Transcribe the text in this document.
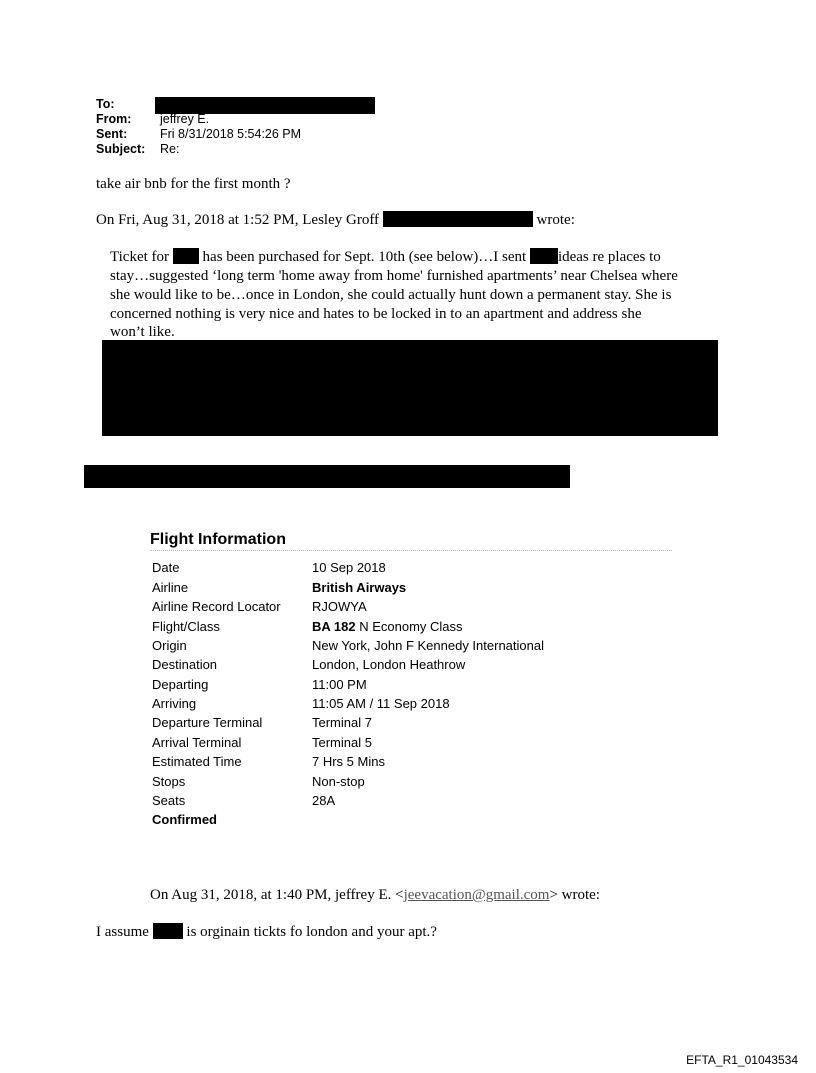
To:
From: jeffrey E.
Sent:	Fri 8/31/2018 5:54:26 PM
Subject: Re:
take air bnb for the first month ?
On Fri, Aug 31, 2018 at 1:52 PM, Lesley Groff	wrote:
Ticket for has been purchased for Sept. 10th (see below)…I sent ideas re places to
stay…suggested ‘long term 'home away from home' furnished apartments’ near Chelsea where
she would like to be…once in London, she could actually hunt down a permanent stay. She is
concerned nothing is very nice and hates to be locked in to an apartment and address she
won’t like.
Flight Information
Date	10 Sep 2018
Airline	British Airways
Airline Record Locator RJOWYA
Flight/Class	BA 182 N Economy Class
Origin	New York, John F Kennedy International
Destination	London, London Heathrow
Departing	11:00 PM
Arriving	11:05 AM / 11 Sep 2018
Departure Terminal	Terminal 7
Arrival Terminal	Terminal 5
Estimated Time	7 Hrs 5 Mins
Stops	Non-stop
Seats	28A
Confirmed
On Aug 31, 2018, at 1:40 PM, jeffrey E. <jeevacation@gmail.com> wrote:
I assume	is orginain tickts fo london and your apt.?
EFTA_R1_01043534
